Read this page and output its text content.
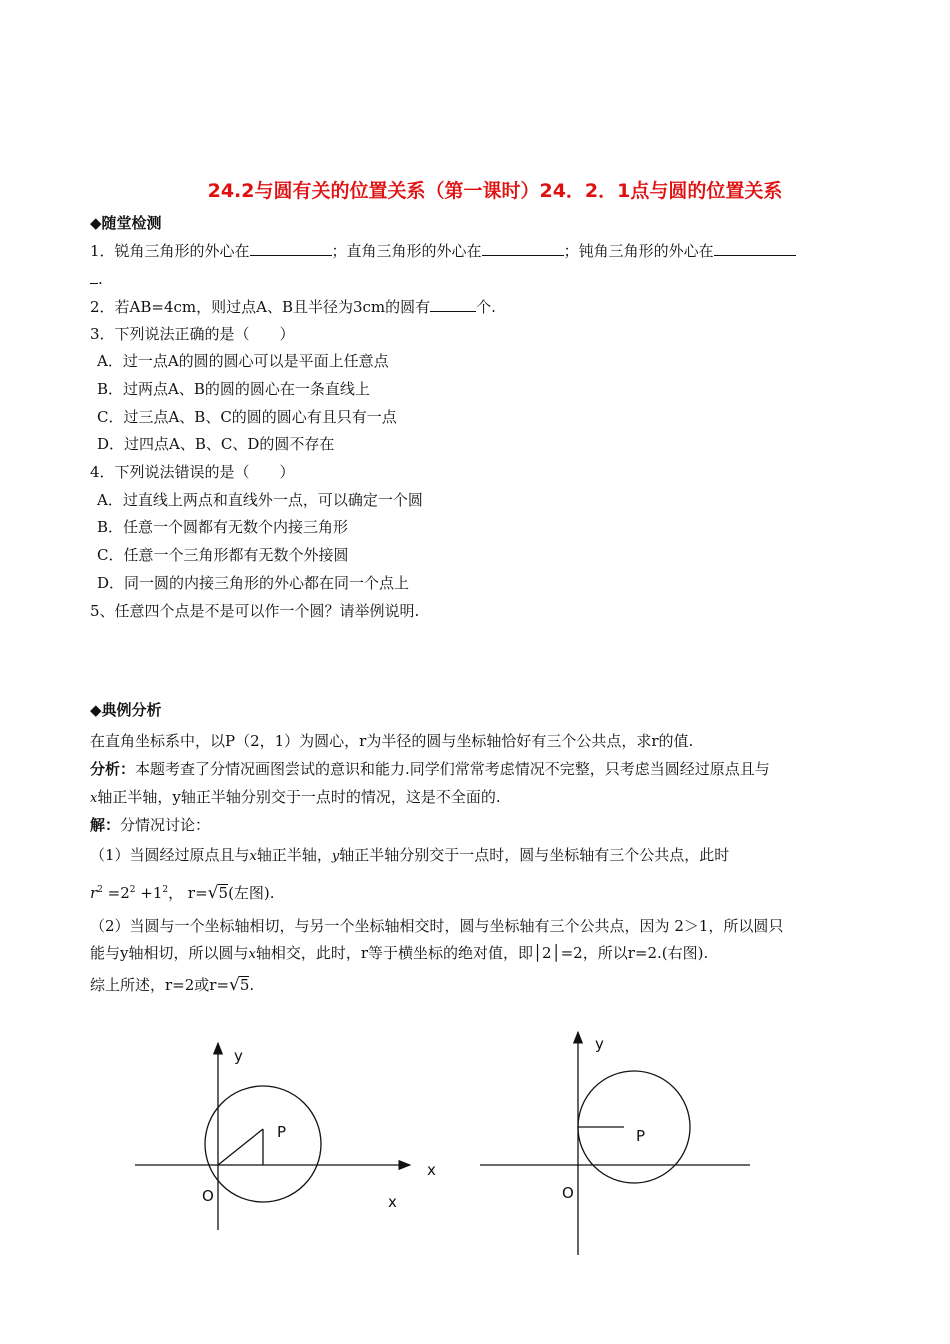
24.2与圆有关的位置关系（第一课时）24．2．1点与圆的位置关系
◆随堂检测
1．锐角三角形的外心在	；直角三角形的外心在	；钝角三角形的外心在
.
2．若AB=4cm，则过点A、B且半径为3cm的圆有	个.
3．下列说法正确的是（　　）
A．过一点A的圆的圆心可以是平面上任意点
B．过两点A、B的圆的圆心在一条直线上
C．过三点A、B、C的圆的圆心有且只有一点
D．过四点A、B、C、D的圆不存在
4．下列说法错误的是（　　）
A．过直线上两点和直线外一点，可以确定一个圆
B．任意一个圆都有无数个内接三角形
C．任意一个三角形都有无数个外接圆
D．同一圆的内接三角形的外心都在同一个点上
5、任意四个点是不是可以作一个圆？请举例说明.
◆典例分析
在直角坐标系中，以P（2，1）为圆心，r为半径的圆与坐标轴恰好有三个公共点，求r的值.
分析：本题考查了分情况画图尝试的意识和能力.同学们常常考虑情况不完整，只考虑当圆经过原点且与
x轴正半轴，y轴正半轴分别交于一点时的情况，这是不全面的.
解：分情况讨论：
（1）当圆经过原点且与x轴正半轴，y轴正半轴分别交于一点时，圆与坐标轴有三个公共点，此时
$r^2 =2^2 +1^2$， r=√5(左图).
（2）当圆与一个坐标轴相切，与另一个坐标轴相交时，圆与坐标轴有三个公共点，因为 2＞1，所以圆只
能与y轴相切，所以圆与x轴相交，此时，r等于横坐标的绝对值，即│2│=2，所以r=2.(右图).
综上所述，r=2或r=√5.
y
P
x
x
O
y
P
O
